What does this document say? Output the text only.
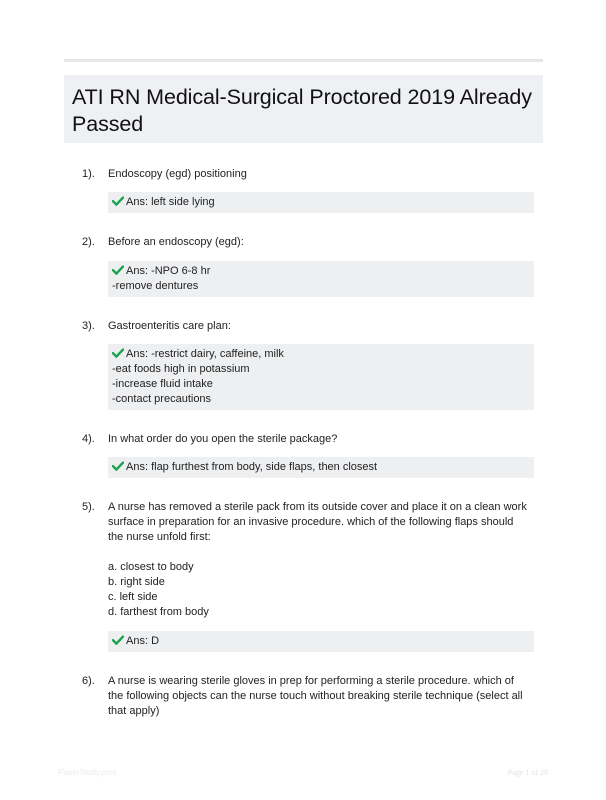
ATI RN Medical-Surgical Proctored 2019 Already Passed
1).	Endoscopy (egd) positioning
Ans: left side lying
2).	Before an endoscopy (egd):
Ans: -NPO 6-8 hr
-remove dentures
3).	Gastroenteritis care plan:
Ans: -restrict dairy, caffeine, milk
-eat foods high in potassium
-increase fluid intake
-contact precautions
4).	In what order do you open the sterile package?
Ans: flap furthest from body, side flaps, then closest
5).	A nurse has removed a sterile pack from its outside cover and place it on a clean work surface in preparation for an invasive procedure. which of the following flaps should the nurse unfold first:
a. closest to body
b. right side
c. left side
d. farthest from body
Ans: D
6).	A nurse is wearing sterile gloves in prep for performing a sterile procedure. which of the following objects can the nurse touch without breaking sterile technique (select all that apply)
PaperStudy.com	Page 1 of 28
